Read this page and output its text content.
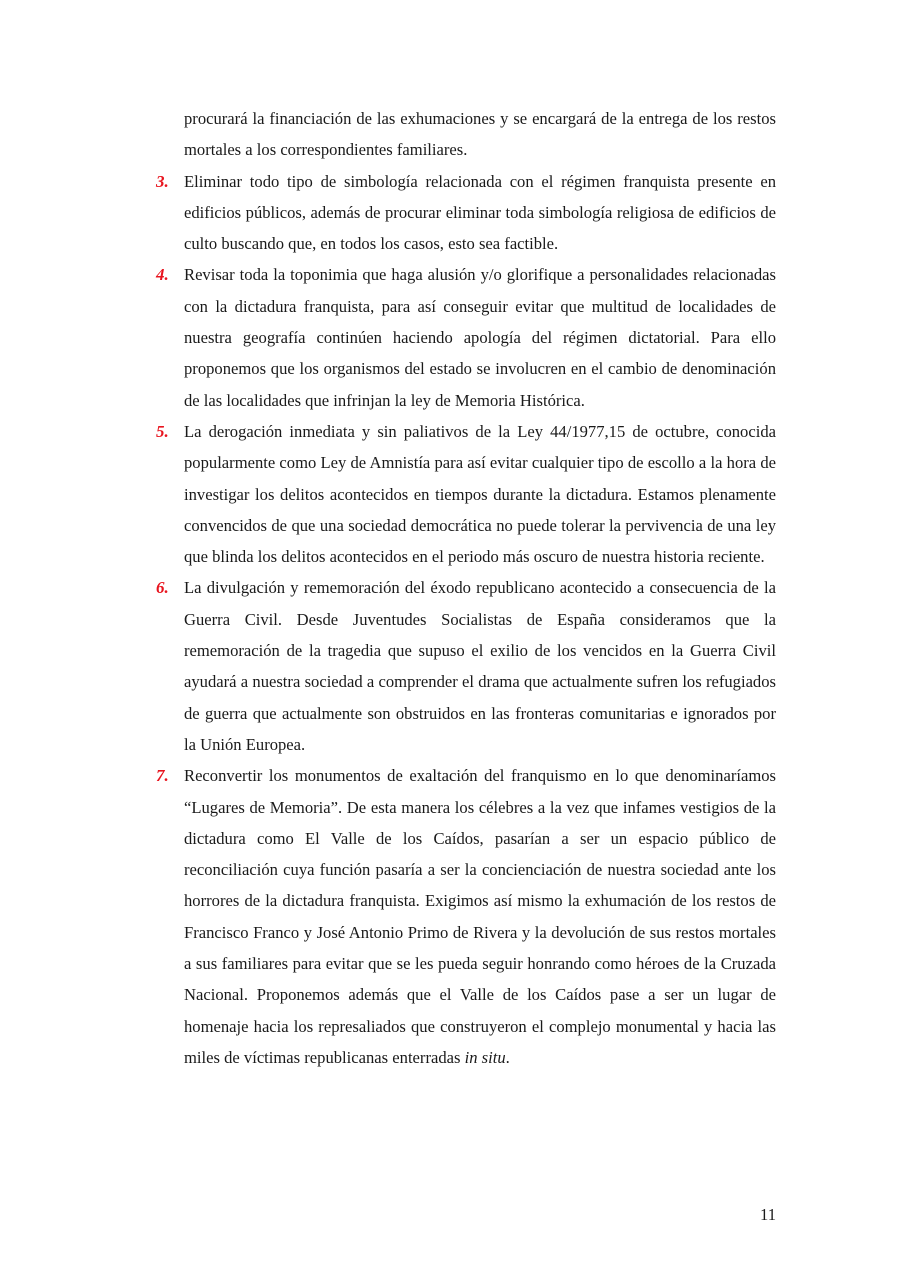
procurará la financiación de las exhumaciones y se encargará de la entrega de los restos mortales a los correspondientes familiares.

3. Eliminar todo tipo de simbología relacionada con el régimen franquista presente en edificios públicos, además de procurar eliminar toda simbología religiosa de edificios de culto buscando que, en todos los casos, esto sea factible.

4. Revisar toda la toponimia que haga alusión y/o glorifique a personalidades relacionadas con la dictadura franquista, para así conseguir evitar que multitud de localidades de nuestra geografía continúen haciendo apología del régimen dictatorial. Para ello proponemos que los organismos del estado se involucren en el cambio de denominación de las localidades que infrinjan la ley de Memoria Histórica.

5. La derogación inmediata y sin paliativos de la Ley 44/1977,15 de octubre, conocida popularmente como Ley de Amnistía para así evitar cualquier tipo de escollo a la hora de investigar los delitos acontecidos en tiempos durante la dictadura. Estamos plenamente convencidos de que una sociedad democrática no puede tolerar la pervivencia de una ley que blinda los delitos acontecidos en el periodo más oscuro de nuestra historia reciente.

6. La divulgación y rememoración del éxodo republicano acontecido a consecuencia de la Guerra Civil. Desde Juventudes Socialistas de España consideramos que la rememoración de la tragedia que supuso el exilio de los vencidos en la Guerra Civil ayudará a nuestra sociedad a comprender el drama que actualmente sufren los refugiados de guerra que actualmente son obstruidos en las fronteras comunitarias e ignorados por la Unión Europea.

7. Reconvertir los monumentos de exaltación del franquismo en lo que denominaríamos “Lugares de Memoria”. De esta manera los célebres a la vez que infames vestigios de la dictadura como El Valle de los Caídos, pasarían a ser un espacio público de reconciliación cuya función pasaría a ser la concienciación de nuestra sociedad ante los horrores de la dictadura franquista. Exigimos así mismo la exhumación de los restos de Francisco Franco y José Antonio Primo de Rivera y la devolución de sus restos mortales a sus familiares para evitar que se les pueda seguir honrando como héroes de la Cruzada Nacional. Proponemos además que el Valle de los Caídos pase a ser un lugar de homenaje hacia los represaliados que construyeron el complejo monumental y hacia las miles de víctimas republicanas enterradas in situ.

11
